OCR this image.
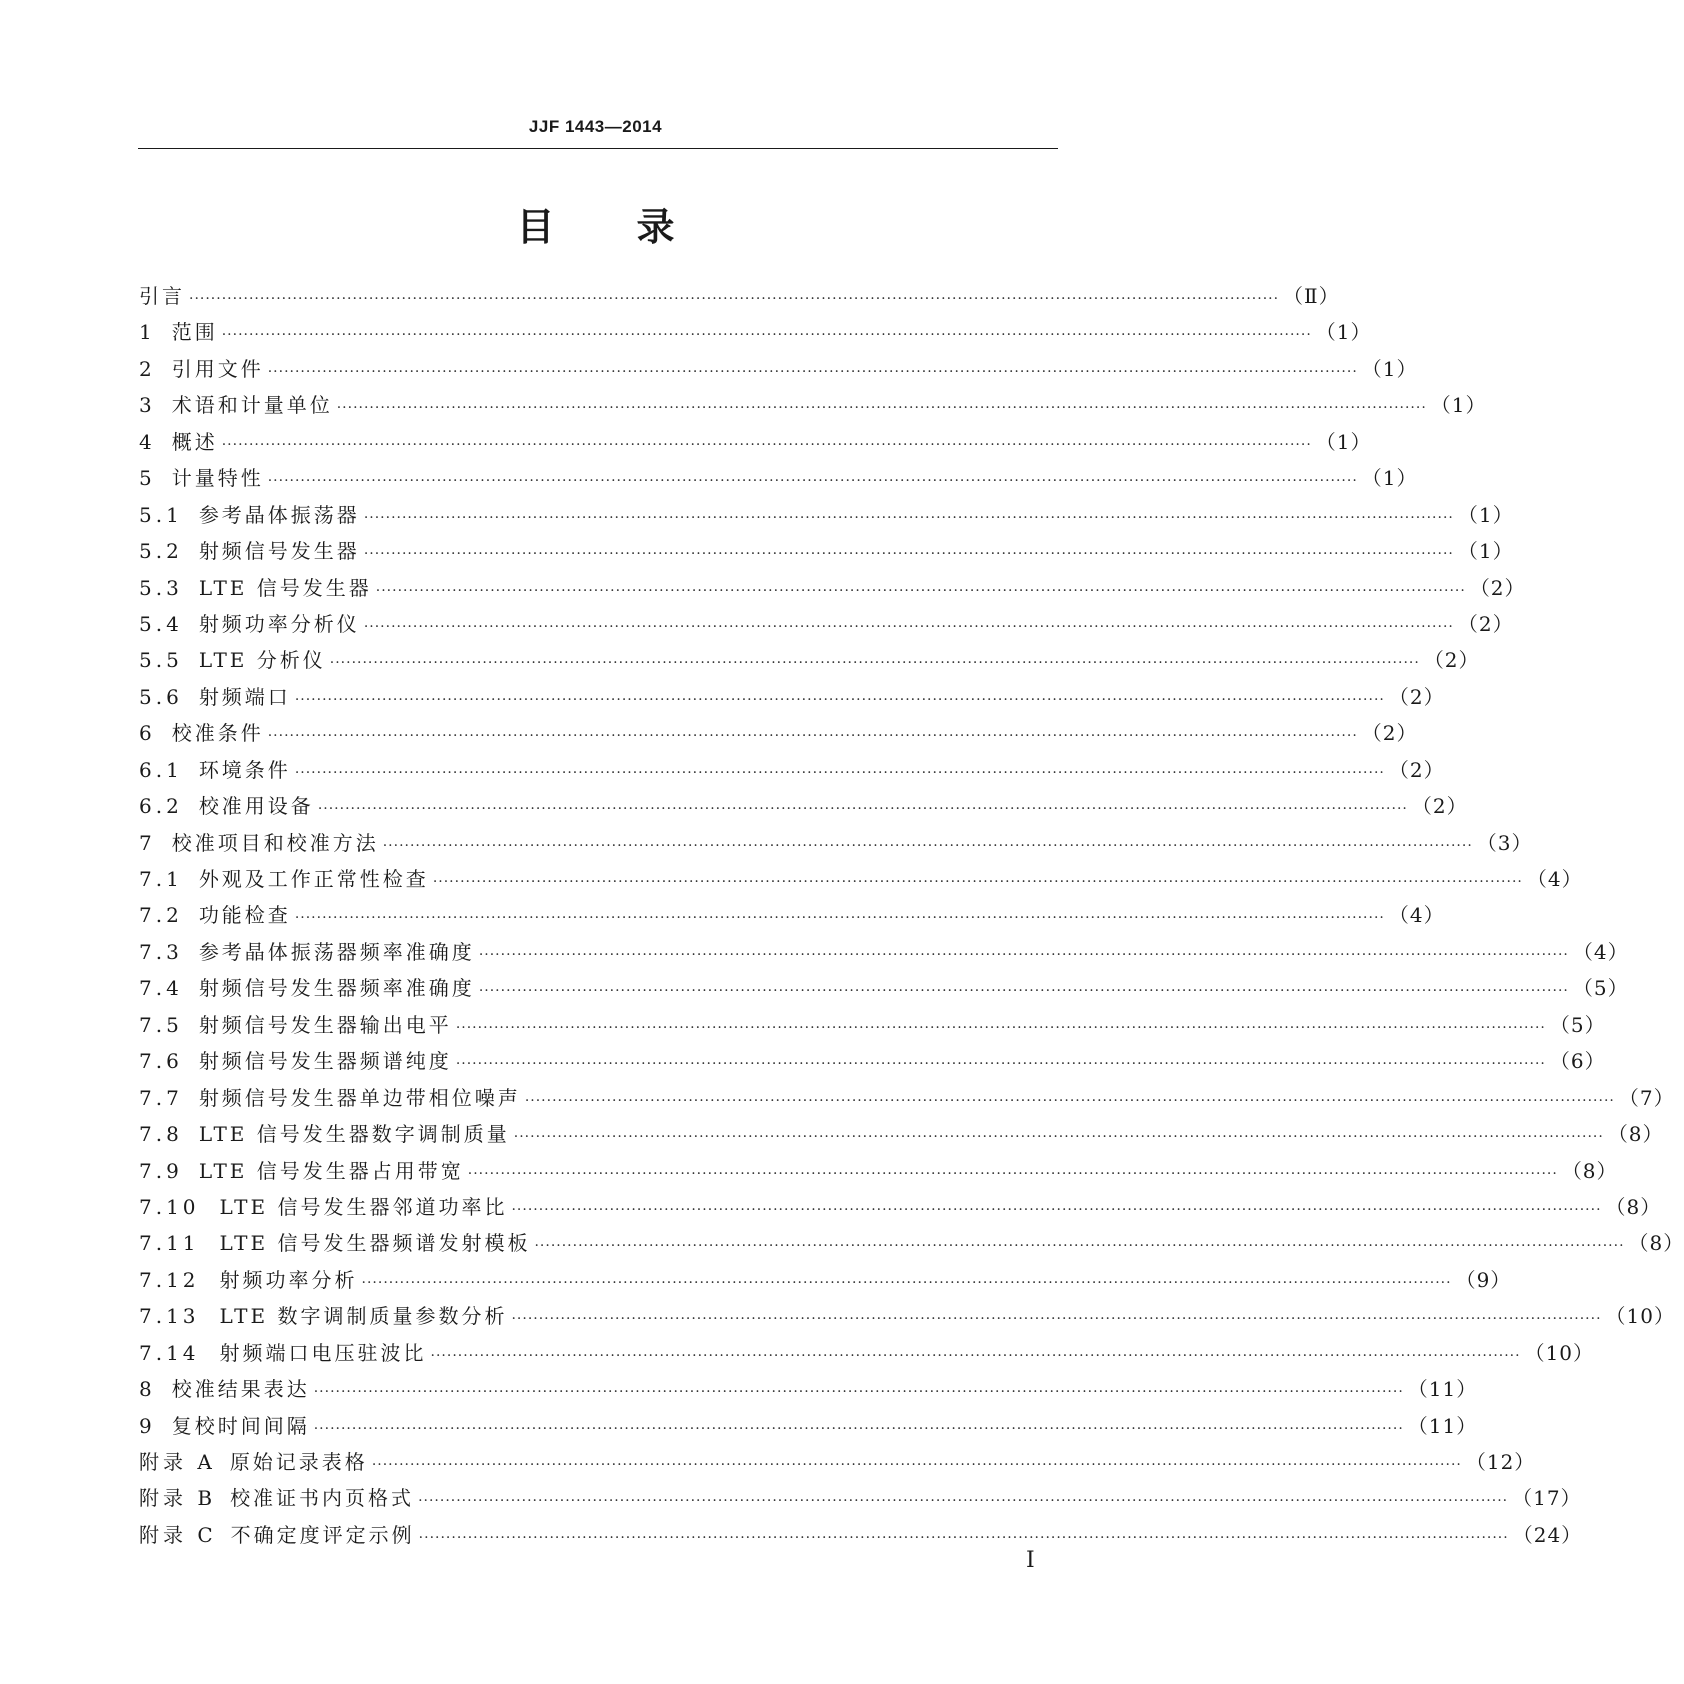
JJF 1443—2014
目录
引言 ········································································································································································································ （Ⅱ）
1 范围 ········································································································································································································ （1）
2 引用文件 ········································································································································································································ （1）
3 术语和计量单位 ········································································································································································································ （1）
4 概述 ········································································································································································································ （1）
5 计量特性 ········································································································································································································ （1）
5.1 参考晶体振荡器 ········································································································································································································ （1）
5.2 射频信号发生器 ········································································································································································································ （1）
5.3 LTE 信号发生器 ········································································································································································································ （2）
5.4 射频功率分析仪 ········································································································································································································ （2）
5.5 LTE 分析仪 ········································································································································································································ （2）
5.6 射频端口 ········································································································································································································ （2）
6 校准条件 ········································································································································································································ （2）
6.1 环境条件 ········································································································································································································ （2）
6.2 校准用设备 ········································································································································································································ （2）
7 校准项目和校准方法 ········································································································································································································ （3）
7.1 外观及工作正常性检查 ········································································································································································································ （4）
7.2 功能检查 ········································································································································································································ （4）
7.3 参考晶体振荡器频率准确度 ········································································································································································································ （4）
7.4 射频信号发生器频率准确度 ········································································································································································································ （5）
7.5 射频信号发生器输出电平 ········································································································································································································ （5）
7.6 射频信号发生器频谱纯度 ········································································································································································································ （6）
7.7 射频信号发生器单边带相位噪声 ········································································································································································································ （7）
7.8 LTE 信号发生器数字调制质量 ········································································································································································································ （8）
7.9 LTE 信号发生器占用带宽 ········································································································································································································ （8）
7.10 LTE 信号发生器邻道功率比 ········································································································································································································ （8）
7.11 LTE 信号发生器频谱发射模板 ········································································································································································································ （8）
7.12 射频功率分析 ········································································································································································································ （9）
7.13 LTE 数字调制质量参数分析 ········································································································································································································ （10）
7.14 射频端口电压驻波比 ········································································································································································································ （10）
8 校准结果表达 ········································································································································································································ （11）
9 复校时间间隔 ········································································································································································································ （11）
附录 A 原始记录表格 ········································································································································································································ （12）
附录 B 校准证书内页格式 ········································································································································································································ （17）
附录 C 不确定度评定示例 ········································································································································································································ （24）
I
